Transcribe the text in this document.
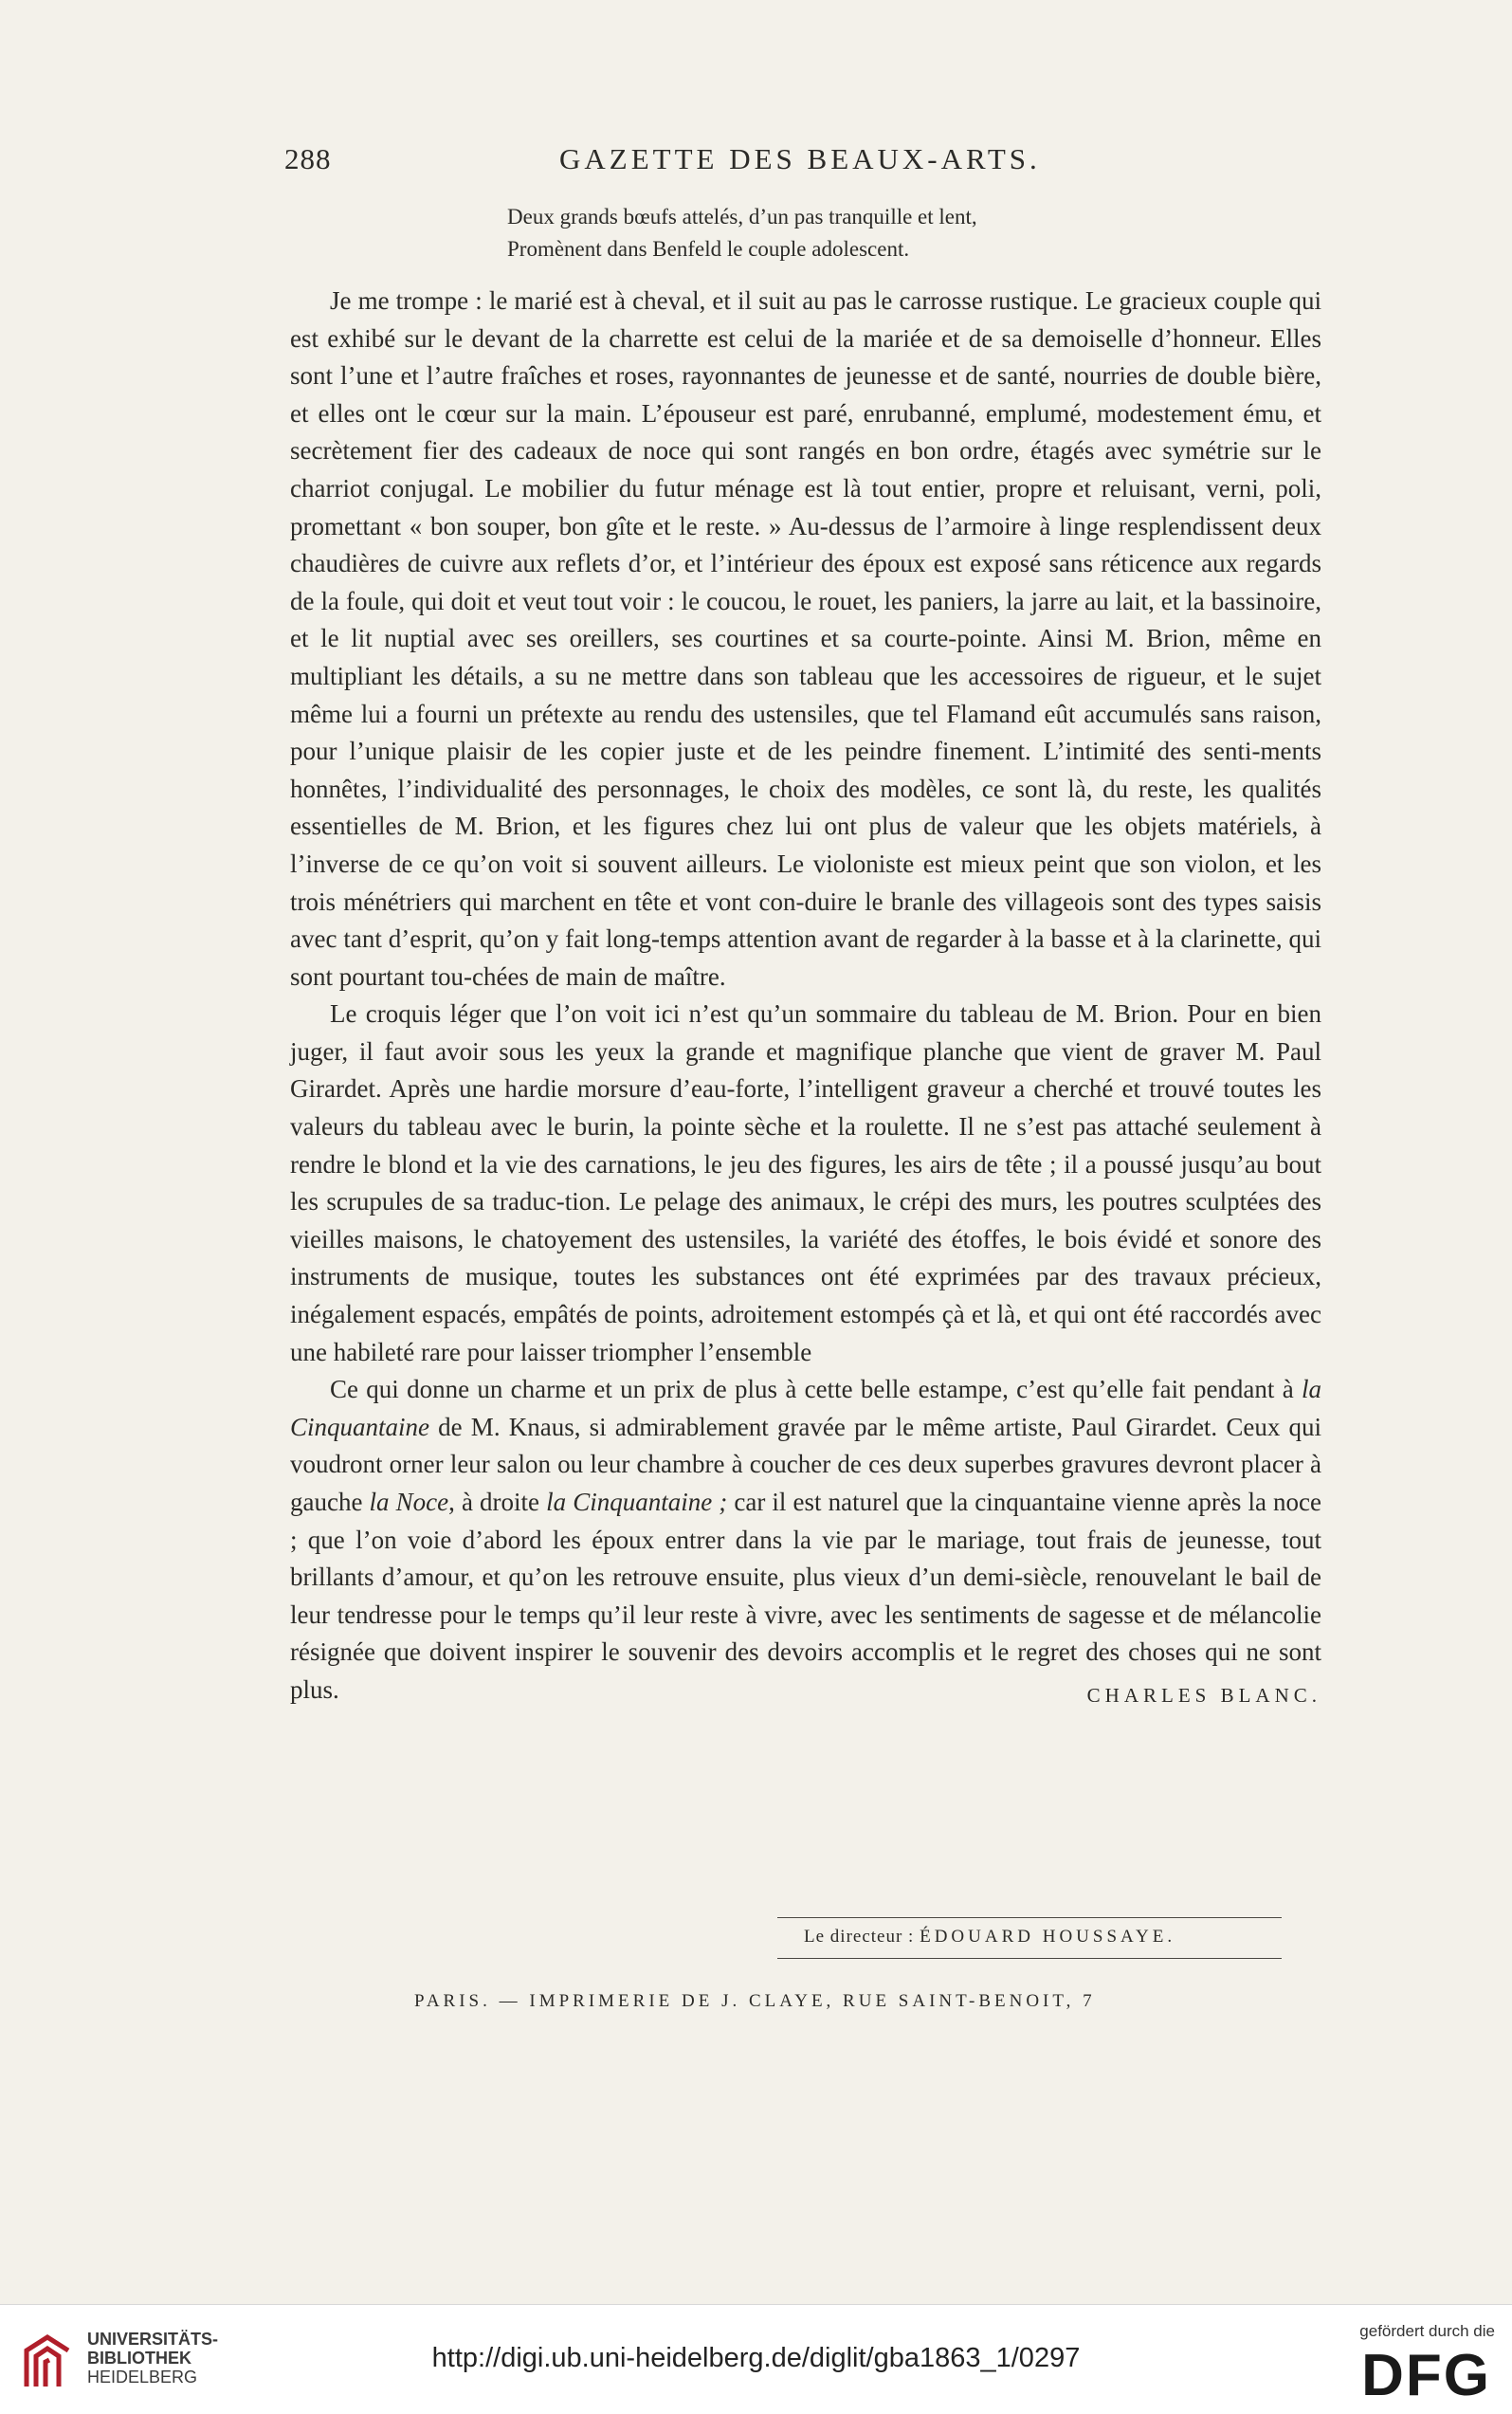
288	GAZETTE DES BEAUX-ARTS.
Deux grands bœufs attelés, d’un pas tranquille et lent,
Promènent dans Benfeld le couple adolescent.

Je me trompe : le marié est à cheval, et il suit au pas le carrosse rustique. Le gracieux couple qui est exhibé sur le devant de la charrette est celui de la mariée et de sa demoiselle d’honneur. Elles sont l’une et l’autre fraîches et roses, rayonnantes de jeunesse et de santé, nourries de double bière, et elles ont le cœur sur la main. L’épouseur est paré, enrubanné, emplumé, modestement ému, et secrètement fier des cadeaux de noce qui sont rangés en bon ordre, étagés avec symétrie sur le charriot conjugal. Le mobilier du futur ménage est là tout entier, propre et reluisant, verni, poli, promettant « bon souper, bon gîte et le reste. » Au-dessus de l’armoire à linge resplendissent deux chaudières de cuivre aux reflets d’or, et l’intérieur des époux est exposé sans réticence aux regards de la foule, qui doit et veut tout voir : le coucou, le rouet, les paniers, la jarre au lait, et la bassinoire, et le lit nuptial avec ses oreillers, ses courtines et sa courte-pointe. Ainsi M. Brion, même en multipliant les détails, a su ne mettre dans son tableau que les accessoires de rigueur, et le sujet même lui a fourni un prétexte au rendu des ustensiles, que tel Flamand eût accumulés sans raison, pour l’unique plaisir de les copier juste et de les peindre finement. L’intimité des senti-ments honnêtes, l’individualité des personnages, le choix des modèles, ce sont là, du reste, les qualités essentielles de M. Brion, et les figures chez lui ont plus de valeur que les objets matériels, à l’inverse de ce qu’on voit si souvent ailleurs. Le violoniste est mieux peint que son violon, et les trois ménétriers qui marchent en tête et vont con-duire le branle des villageois sont des types saisis avec tant d’esprit, qu’on y fait long-temps attention avant de regarder à la basse et à la clarinette, qui sont pourtant tou-chées de main de maître.

Le croquis léger que l’on voit ici n’est qu’un sommaire du tableau de M. Brion. Pour en bien juger, il faut avoir sous les yeux la grande et magnifique planche que vient de graver M. Paul Girardet. Après une hardie morsure d’eau-forte, l’intelligent graveur a cherché et trouvé toutes les valeurs du tableau avec le burin, la pointe sèche et la roulette. Il ne s’est pas attaché seulement à rendre le blond et la vie des carnations, le jeu des figures, les airs de tête ; il a poussé jusqu’au bout les scrupules de sa traduc-tion. Le pelage des animaux, le crépi des murs, les poutres sculptées des vieilles maisons, le chatoyement des ustensiles, la variété des étoffes, le bois évidé et sonore des instruments de musique, toutes les substances ont été exprimées par des travaux précieux, inégalement espacés, empâtés de points, adroitement estompés çà et là, et qui ont été raccordés avec une habileté rare pour laisser triompher l’ensemble

Ce qui donne un charme et un prix de plus à cette belle estampe, c’est qu’elle fait pendant à la Cinquantaine de M. Knaus, si admirablement gravée par le même artiste, Paul Girardet. Ceux qui voudront orner leur salon ou leur chambre à coucher de ces deux superbes gravures devront placer à gauche la Noce, à droite la Cinquantaine ; car il est naturel que la cinquantaine vienne après la noce ; que l’on voie d’abord les époux entrer dans la vie par le mariage, tout frais de jeunesse, tout brillants d’amour, et qu’on les retrouve ensuite, plus vieux d’un demi-siècle, renouvelant le bail de leur tendresse pour le temps qu’il leur reste à vivre, avec les sentiments de sagesse et de mélancolie résignée que doivent inspirer le souvenir des devoirs accomplis et le regret des choses qui ne sont plus.	CHARLES BLANC.

Le directeur : ÉDOUARD HOUSSAYE.
PARIS. — IMPRIMERIE DE J. CLAYE, RUE SAINT-BENOIT, 7
UNIVERSITÄTS-
BIBLIOTHEK
HEIDELBERG
http://digi.ub.uni-heidelberg.de/diglit/gba1863_1/0297
gefördert durch die
DFG
